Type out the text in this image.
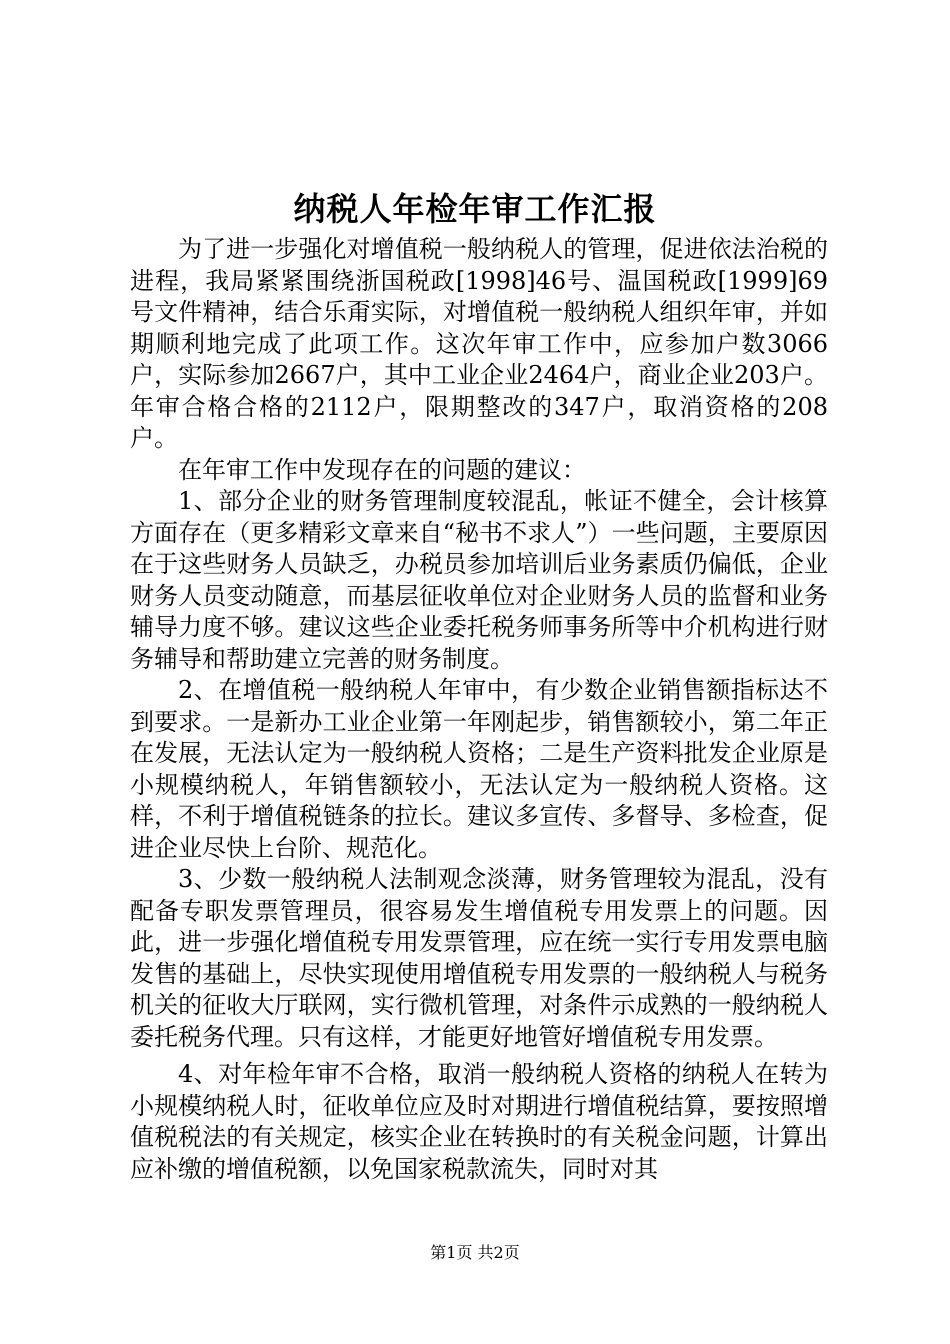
纳税人年检年审工作汇报

为了进一步强化对增值税一般纳税人的管理，促进依法治税的进程，我局紧紧围绕浙国税政[1998]46号、温国税政[1999]69号文件精神，结合乐甭实际，对增值税一般纳税人组织年审，并如期顺利地完成了此项工作。这次年审工作中，应参加户数3066户，实际参加2667户，其中工业企业2464户，商业企业203户。年审合格合格的2112户，限期整改的347户，取消资格的208户。

在年审工作中发现存在的问题的建议：

1、部分企业的财务管理制度较混乱，帐证不健全，会计核算方面存在（更多精彩文章来自“秘书不求人”）一些问题，主要原因在于这些财务人员缺乏，办税员参加培训后业务素质仍偏低，企业财务人员变动随意，而基层征收单位对企业财务人员的监督和业务辅导力度不够。建议这些企业委托税务师事务所等中介机构进行财务辅导和帮助建立完善的财务制度。

2、在增值税一般纳税人年审中，有少数企业销售额指标达不到要求。一是新办工业企业第一年刚起步，销售额较小，第二年正在发展，无法认定为一般纳税人资格；二是生产资料批发企业原是小规模纳税人，年销售额较小，无法认定为一般纳税人资格。这样，不利于增值税链条的拉长。建议多宣传、多督导、多检查，促进企业尽快上台阶、规范化。

3、少数一般纳税人法制观念淡薄，财务管理较为混乱，没有配备专职发票管理员，很容易发生增值税专用发票上的问题。因此，进一步强化增值税专用发票管理，应在统一实行专用发票电脑发售的基础上，尽快实现使用增值税专用发票的一般纳税人与税务机关的征收大厅联网，实行微机管理，对条件示成熟的一般纳税人委托税务代理。只有这样，才能更好地管好增值税专用发票。

4、对年检年审不合格，取消一般纳税人资格的纳税人在转为小规模纳税人时，征收单位应及时对期进行增值税结算，要按照增值税税法的有关规定，核实企业在转换时的有关税金问题，计算出应补缴的增值税额，以免国家税款流失，同时对其

第1页 共2页
